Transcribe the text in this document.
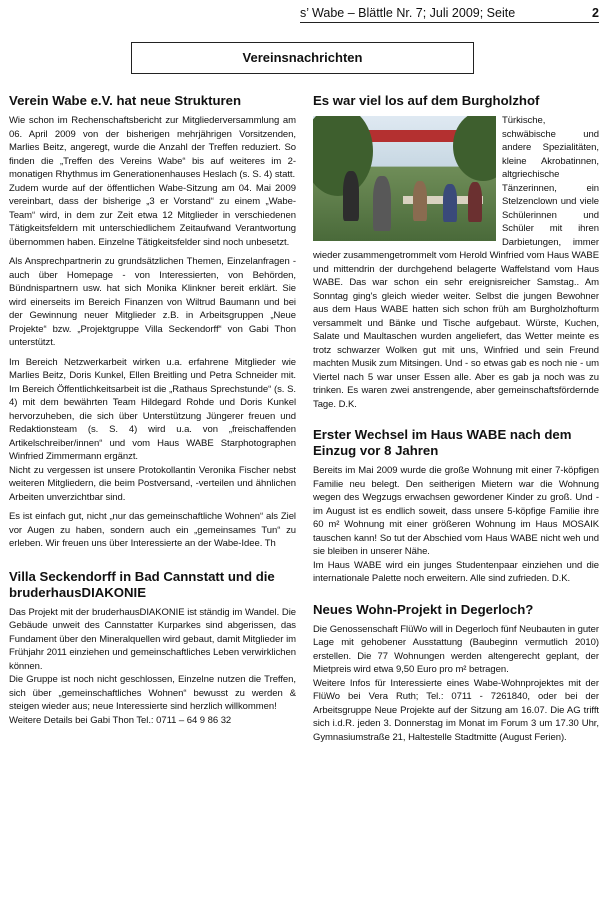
s’ Wabe – Blättle Nr. 7; Juli 2009; Seite	2
Vereinsnachrichten
Verein Wabe e.V. hat neue Strukturen
Wie schon im Rechenschaftsbericht zur Mitgliederversammlung am 06. April 2009 von der bisherigen mehrjährigen Vorsitzenden, Marlies Beitz, angeregt, wurde die Anzahl der Treffen reduziert. So finden die „Treffen des Vereins Wabe“ bis auf weiteres im 2-monatigen Rhythmus im Generationenhauses Heslach (s. S. 4) statt.
Zudem wurde auf der öffentlichen Wabe-Sitzung am 04. Mai 2009 vereinbart, dass der bisherige „3 er Vorstand“ zu einem „Wabe-Team“ wird, in dem zur Zeit etwa 12 Mitglieder in verschiedenen Tätigkeitsfeldern mit unterschiedlichem Zeitaufwand Verantwortung übernommen haben. Einzelne Tätigkeitsfelder sind noch unbesetzt.
Als Ansprechpartnerin zu grundsätzlichen Themen, Einzelanfragen - auch über Homepage - von Interessierten, von Behörden, Bündnispartnern usw. hat sich Monika Klinkner bereit erklärt. Sie wird einerseits im Bereich Finanzen von Wiltrud Baumann und bei der Gewinnung neuer Mitglieder z.B. in Arbeitsgruppen „Neue Projekte“ bzw. „Projektgruppe Villa Seckendorff“ von Gabi Thon unterstützt.
Im Bereich Netzwerkarbeit wirken u.a. erfahrene Mitglieder wie Marlies Beitz, Doris Kunkel, Ellen Breitling und Petra Schneider mit. Im Bereich Öffentlichkeitsarbeit ist die „Rathaus Sprechstunde“ (s. S. 4) mit dem bewährten Team Hildegard Rohde und Doris Kunkel hervorzuheben, die sich über Unterstützung Jüngerer freuen und Redaktionsteam (s. S. 4) wird u.a. von „freischaffenden Artikelschreiber/innen“ und vom Haus WABE Starphotographen Winfried Zimmermann ergänzt.
Nicht zu vergessen ist unsere Protokollantin Veronika Fischer nebst weiteren Mitgliedern, die beim Postversand, -verteilen und ähnlichen Arbeiten unverzichtbar sind.
Es ist einfach gut, nicht „nur das gemeinschaftliche Wohnen“ als Ziel vor Augen zu haben, sondern auch ein „gemeinsames Tun“ zu erleben. Wir freuen uns über Interessierte an der Wabe-Idee. Th
Villa Seckendorff in Bad Cannstatt und die bruderhausDIAKONIE
Das Projekt mit der bruderhausDIAKONIE ist ständig im Wandel. Die Gebäude unweit des Cannstatter Kurparkes sind abgerissen, das Fundament über den Mineralquellen wird gebaut, damit Mitglieder im Frühjahr 2011 einziehen und gemeinschaftliches Leben verwirklichen können.
Die Gruppe ist noch nicht geschlossen, Einzelne nutzen die Treffen, sich über „gemeinschaftliches Wohnen“ bewusst zu werden & steigen wieder aus; neue Interessierte sind herzlich willkommen!
Weitere Details bei Gabi Thon Tel.: 0711 – 64 9 86 32
Es war viel los auf dem Burgholzhof
Türkische, schwäbische und andere Spezialitäten, kleine Akrobatinnen, altgriechische Tänzerinnen, ein Stelzenclown und viele Schülerinnen und Schüler mit ihren Darbietungen, immer wieder zusammengetrommelt vom Herold Winfried vom Haus WABE und mittendrin der durchgehend belagerte Waffelstand vom Haus WABE. Das war schon ein sehr ereignisreicher Samstag.. Am Sonntag ging's gleich wieder weiter. Selbst die jungen Bewohner aus dem Haus WABE hatten sich schon früh am Burgholzhofturm versammelt und Bänke und Tische aufgebaut. Würste, Kuchen, Salate und Maultaschen wurden angeliefert, das Wetter meinte es trotz schwarzer Wolken gut mit uns, Winfried und sein Freund machten Musik zum Mitsingen. Und - so etwas gab es noch nie - um Viertel nach 5 war unser Essen alle. Aber es gab ja noch was zu trinken. Es waren zwei anstrengende, aber gemeinschaftsfördernde Tage. D.K.
Erster Wechsel im Haus WABE nach dem Einzug vor 8 Jahren
Bereits im Mai 2009 wurde die große Wohnung mit einer 7-köpfigen Familie neu belegt. Den seitherigen Mietern war die Wohnung wegen des Wegzugs erwachsen gewordener Kinder zu groß. Und - im August ist es endlich soweit, dass unsere 5-köpfige Familie ihre 60 m² Wohnung mit einer größeren Wohnung im Haus MOSAIK tauschen kann! So tut der Abschied vom Haus WABE nicht weh und sie bleiben in unserer Nähe.
Im Haus WABE wird ein junges Studentenpaar einziehen und die internationale Palette noch erweitern. Alle sind zufrieden. D.K.
Neues Wohn-Projekt in Degerloch?
Die Genossenschaft FlüWo will in Degerloch fünf Neubauten in guter Lage mit gehobener Ausstattung (Baubeginn vermutlich 2010) erstellen. Die 77 Wohnungen werden altengerecht geplant, der Mietpreis wird etwa 9,50 Euro pro m² betragen.
Weitere Infos für Interessierte eines Wabe-Wohnprojektes mit der FlüWo bei Vera Ruth; Tel.: 0711 - 7261840, oder bei der Arbeitsgruppe Neue Projekte auf der Sitzung am 16.07. Die AG trifft sich i.d.R. jeden 3. Donnerstag im Monat im Forum 3 um 17.30 Uhr, Gymnasiumstraße 21, Haltestelle Stadtmitte (August Ferien).
